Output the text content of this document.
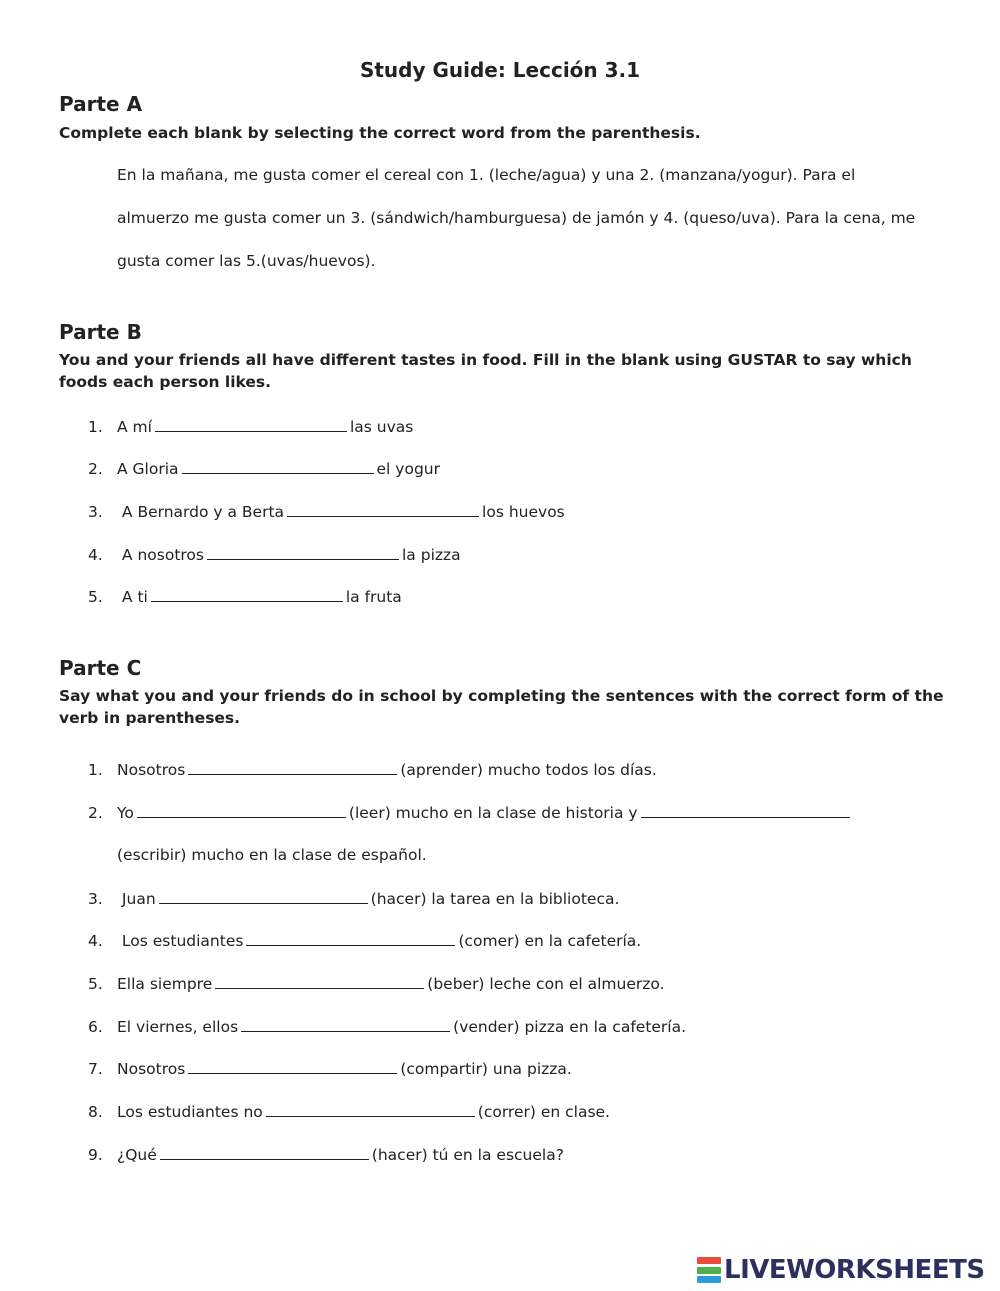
Study Guide: Lección 3.1
Parte A
Complete each blank by selecting the correct word from the parenthesis.
En la mañana, me gusta comer el cereal con 1. (leche/agua) y una 2. (manzana/yogur). Para el
almuerzo me gusta comer un 3. (sándwich/hamburguesa) de jamón y 4. (queso/uva). Para la cena, me
gusta comer las 5.(uvas/huevos).
Parte B
You and your friends all have different tastes in food. Fill in the blank using GUSTAR to say which foods each person likes.
1. A mí	las uvas
2. A Gloria	el yogur
3. A Bernardo y a Berta	los huevos
4. A nosotros	la pizza
5. A ti	la fruta
Parte C
Say what you and your friends do in school by completing the sentences with the correct form of the verb in parentheses.
1. Nosotros	(aprender) mucho todos los días.
2. Yo	(leer) mucho en la clase de historia y
(escribir) mucho en la clase de español.
3. Juan	(hacer) la tarea en la biblioteca.
4. Los estudiantes	(comer) en la cafetería.
5. Ella siempre	(beber) leche con el almuerzo.
6. El viernes, ellos	(vender) pizza en la cafetería.
7. Nosotros	(compartir) una pizza.
8. Los estudiantes no	(correr) en clase.
9. ¿Qué	(hacer) tú en la escuela?
LIVEWORKSHEETS
